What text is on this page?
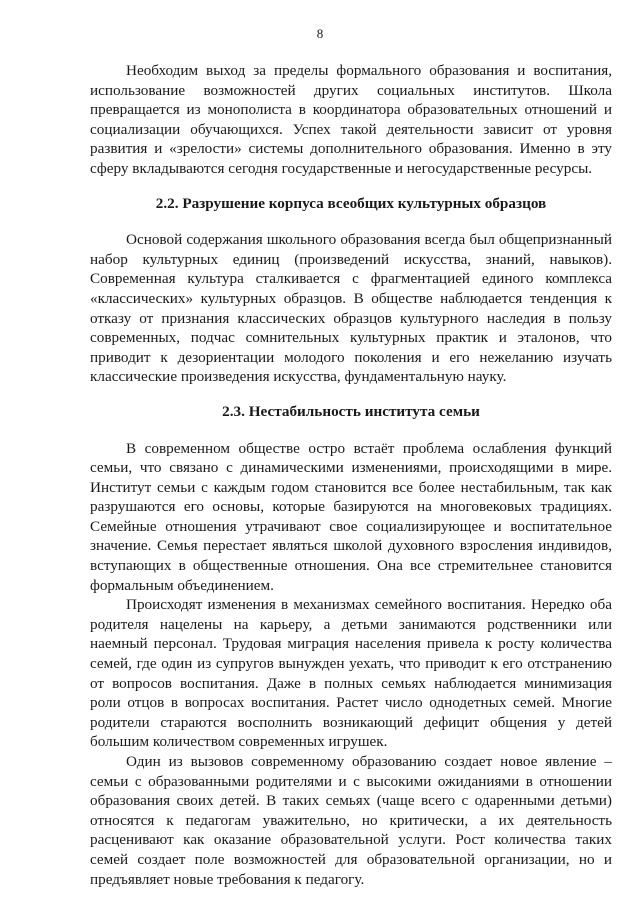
8

Необходим выход за пределы формального образования и воспитания, использование возможностей других социальных институтов. Школа превращается из монополиста в координатора образовательных отношений и социализации обучающихся. Успех такой деятельности зависит от уровня развития и «зрелости» системы дополнительного образования. Именно в эту сферу вкладываются сегодня государственные и негосударственные ресурсы.

2.2. Разрушение корпуса всеобщих культурных образцов

Основой содержания школьного образования всегда был общепризнанный набор культурных единиц (произведений искусства, знаний, навыков). Современная культура сталкивается с фрагментацией единого комплекса «классических» культурных образцов. В обществе наблюдается тенденция к отказу от признания классических образцов культурного наследия в пользу современных, подчас сомнительных культурных практик и эталонов, что приводит к дезориентации молодого поколения и его нежеланию изучать классические произведения искусства, фундаментальную науку.

2.3. Нестабильность института семьи

В современном обществе остро встаёт проблема ослабления функций семьи, что связано с динамическими изменениями, происходящими в мире. Институт семьи с каждым годом становится все более нестабильным, так как разрушаются его основы, которые базируются на многовековых традициях. Семейные отношения утрачивают свое социализирующее и воспитательное значение. Семья перестает являться школой духовного взросления индивидов, вступающих в общественные отношения. Она все стремительнее становится формальным объединением.

Происходят изменения в механизмах семейного воспитания. Нередко оба родителя нацелены на карьеру, а детьми занимаются родственники или наемный персонал. Трудовая миграция населения привела к росту количества семей, где один из супругов вынужден уехать, что приводит к его отстранению от вопросов воспитания. Даже в полных семьях наблюдается минимизация роли отцов в вопросах воспитания. Растет число однодетных семей. Многие родители стараются восполнить возникающий дефицит общения у детей большим количеством современных игрушек.

Один из вызовов современному образованию создает новое явление – семьи с образованными родителями и с высокими ожиданиями в отношении образования своих детей. В таких семьях (чаще всего с одаренными детьми) относятся к педагогам уважительно, но критически, а их деятельность расценивают как оказание образовательной услуги. Рост количества таких семей создает поле возможностей для образовательной организации, но и предъявляет новые требования к педагогу.
